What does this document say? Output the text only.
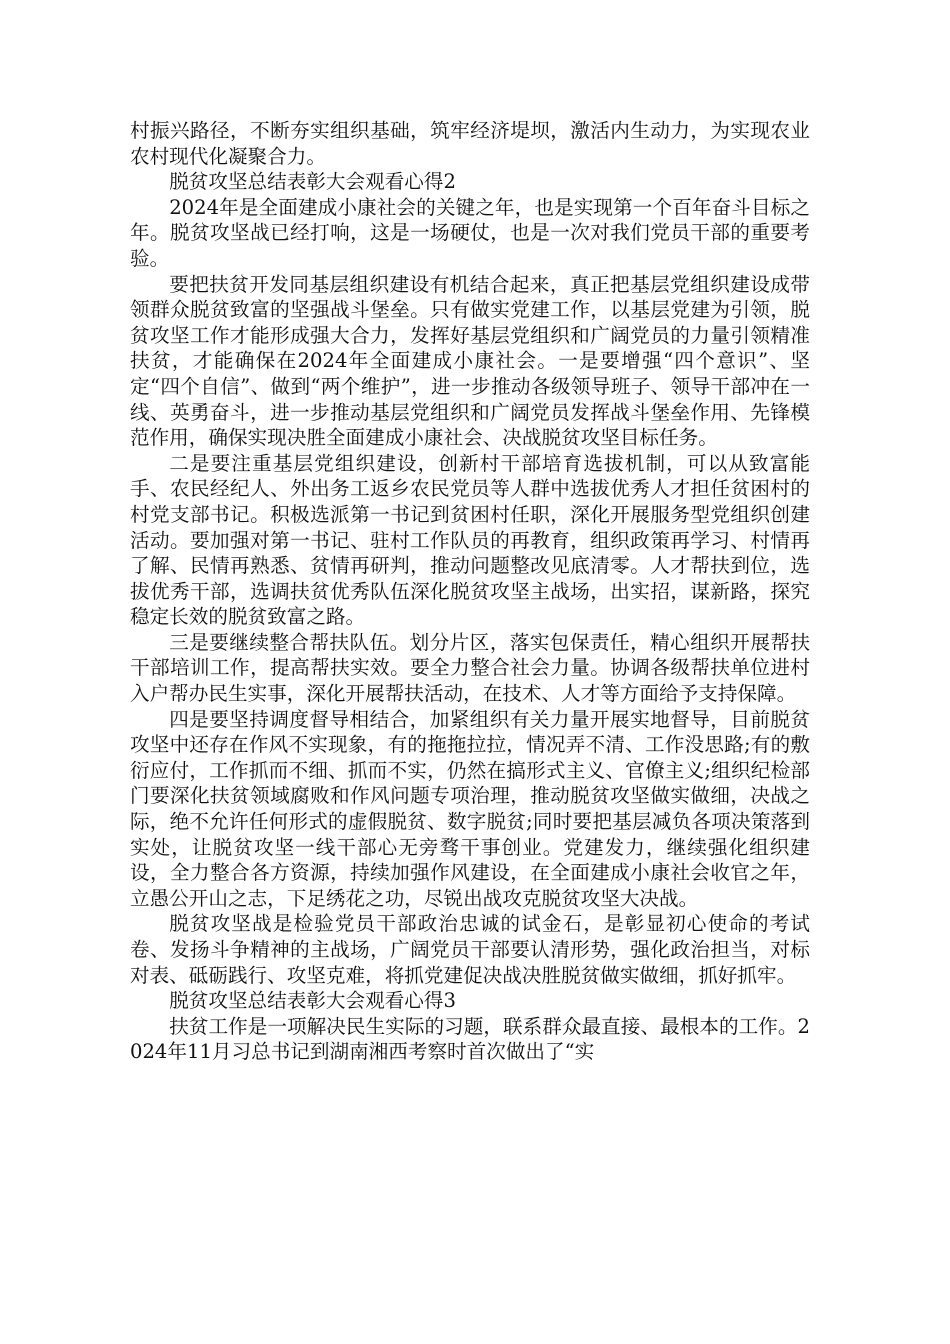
村振兴路径，不断夯实组织基础，筑牢经济堤坝，激活内生动力，为实现农业农村现代化凝聚合力。

脱贫攻坚总结表彰大会观看心得2

2024年是全面建成小康社会的关键之年，也是实现第一个百年奋斗目标之年。脱贫攻坚战已经打响，这是一场硬仗，也是一次对我们党员干部的重要考验。

要把扶贫开发同基层组织建设有机结合起来，真正把基层党组织建设成带领群众脱贫致富的坚强战斗堡垒。只有做实党建工作，以基层党建为引领，脱贫攻坚工作才能形成强大合力，发挥好基层党组织和广阔党员的力量引领精准扶贫，才能确保在2024年全面建成小康社会。一是要增强“四个意识”、坚定“四个自信”、做到“两个维护”，进一步推动各级领导班子、领导干部冲在一线、英勇奋斗，进一步推动基层党组织和广阔党员发挥战斗堡垒作用、先锋模范作用，确保实现决胜全面建成小康社会、决战脱贫攻坚目标任务。

二是要注重基层党组织建设，创新村干部培育选拔机制，可以从致富能手、农民经纪人、外出务工返乡农民党员等人群中选拔优秀人才担任贫困村的村党支部书记。积极选派第一书记到贫困村任职，深化开展服务型党组织创建活动。要加强对第一书记、驻村工作队员的再教育，组织政策再学习、村情再了解、民情再熟悉、贫情再研判，推动问题整改见底清零。人才帮扶到位，选拔优秀干部，选调扶贫优秀队伍深化脱贫攻坚主战场，出实招，谋新路，探究稳定长效的脱贫致富之路。

三是要继续整合帮扶队伍。划分片区，落实包保责任，精心组织开展帮扶干部培训工作，提高帮扶实效。要全力整合社会力量。协调各级帮扶单位进村入户帮办民生实事，深化开展帮扶活动，在技术、人才等方面给予支持保障。

四是要坚持调度督导相结合，加紧组织有关力量开展实地督导，目前脱贫攻坚中还存在作风不实现象，有的拖拖拉拉，情况弄不清、工作没思路;有的敷衍应付，工作抓而不细、抓而不实，仍然在搞形式主义、官僚主义;组织纪检部门要深化扶贫领域腐败和作风问题专项治理，推动脱贫攻坚做实做细，决战之际，绝不允许任何形式的虚假脱贫、数字脱贫;同时要把基层减负各项决策落到实处，让脱贫攻坚一线干部心无旁骛干事创业。党建发力，继续强化组织建设，全力整合各方资源，持续加强作风建设，在全面建成小康社会收官之年，立愚公开山之志，下足绣花之功，尽锐出战攻克脱贫攻坚大决战。

脱贫攻坚战是检验党员干部政治忠诚的试金石，是彰显初心使命的考试卷、发扬斗争精神的主战场，广阔党员干部要认清形势，强化政治担当，对标对表、砥砺践行、攻坚克难，将抓党建促决战决胜脱贫做实做细，抓好抓牢。

脱贫攻坚总结表彰大会观看心得3

扶贫工作是一项解决民生实际的习题，联系群众最直接、最根本的工作。2024年11月习总书记到湖南湘西考察时首次做出了“实
